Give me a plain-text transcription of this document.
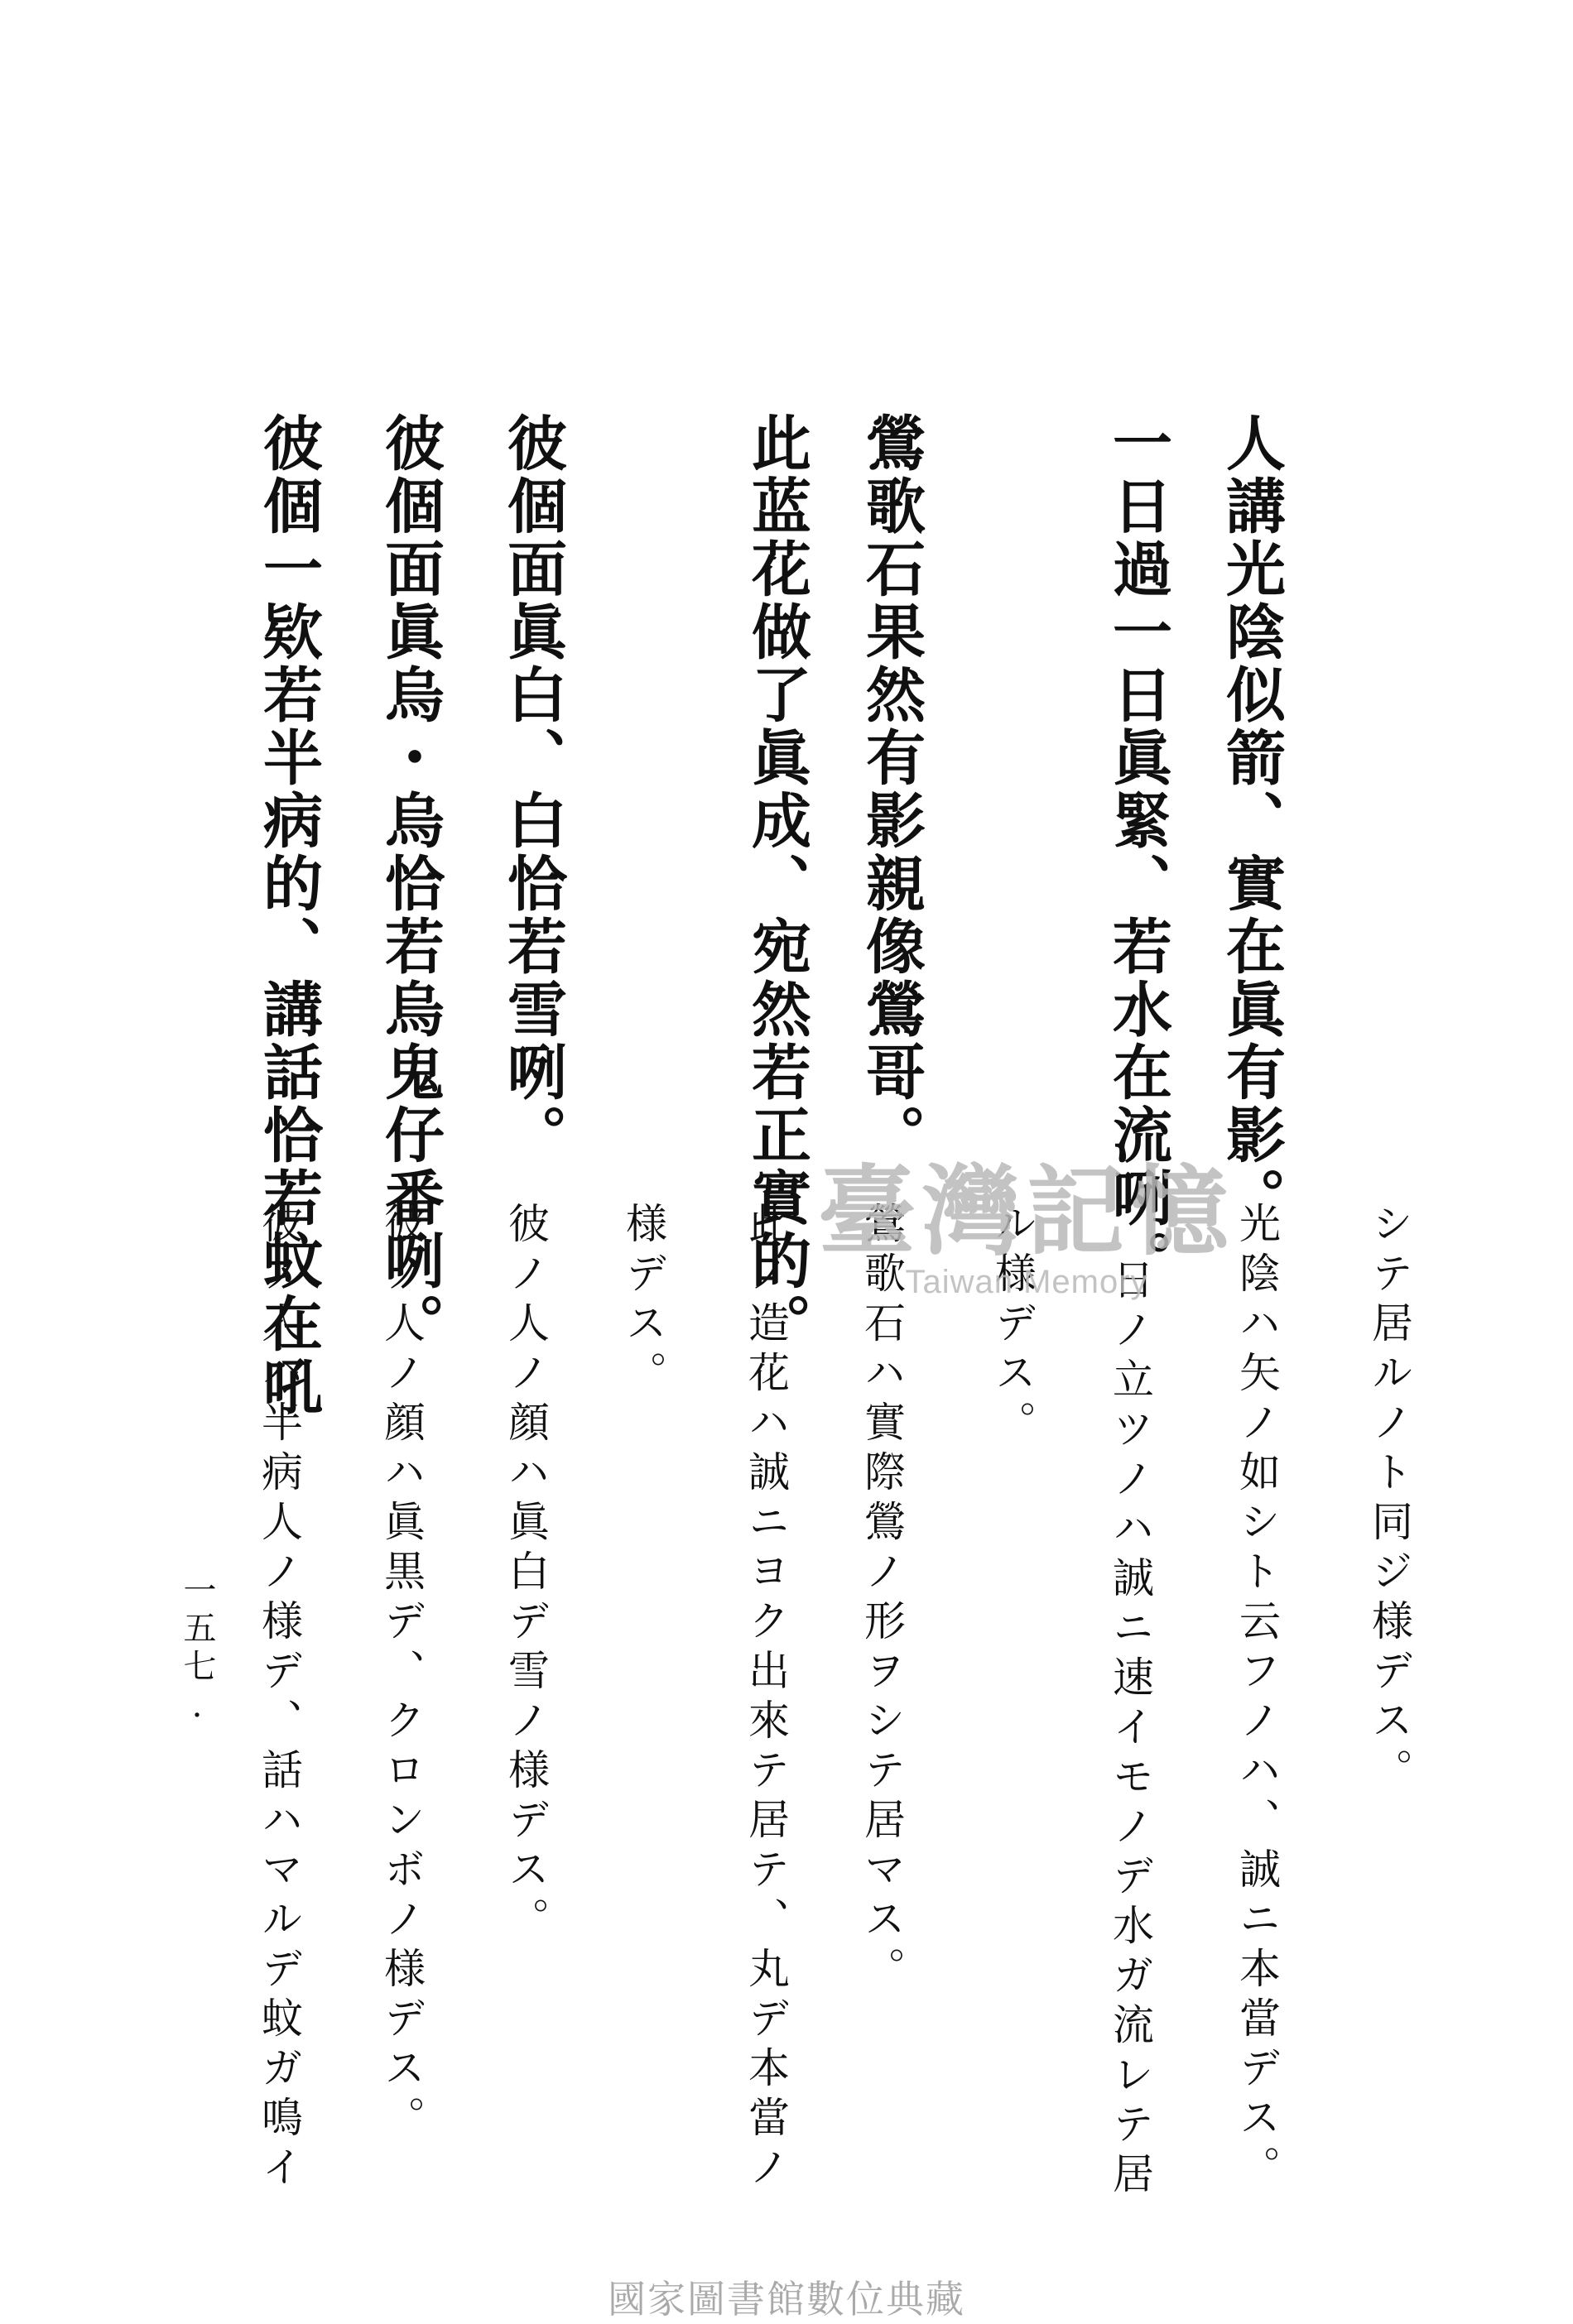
人講光陰似箭、實在眞有影。
一日過一日眞緊、若水在流咧。
鶯歌石果然有影親像鶯哥。
此蓝花做了眞成、宛然若正實的。
彼個面眞白、白恰若雪咧。
彼個面眞烏・烏恰若烏鬼仔番咧。
彼個一欵若半病的、講話恰若蚊在吼
シテ居ルノト同ジ様デス。
光陰ハ矢ノ如シト云フノハ、誠ニ本當デス。
日ノ立ツノハ誠ニ速イモノデ水ガ流レテ居
ル様デス。
鶯歌石ハ實際鶯ノ形ヲシテ居マス。
此ノ造花ハ誠ニヨク出來テ居テ、丸デ本當ノ
様デス。
彼ノ人ノ顔ハ眞白デ雪ノ様デス。
彼ノ人ノ顔ハ眞黒デ、クロンボノ様デス。
彼ノ人ハ半病人ノ様デ、話ハマルデ蚊ガ鳴イ
一五七.
臺灣記憶
Taiwan Memory
國家圖書館數位典藏
